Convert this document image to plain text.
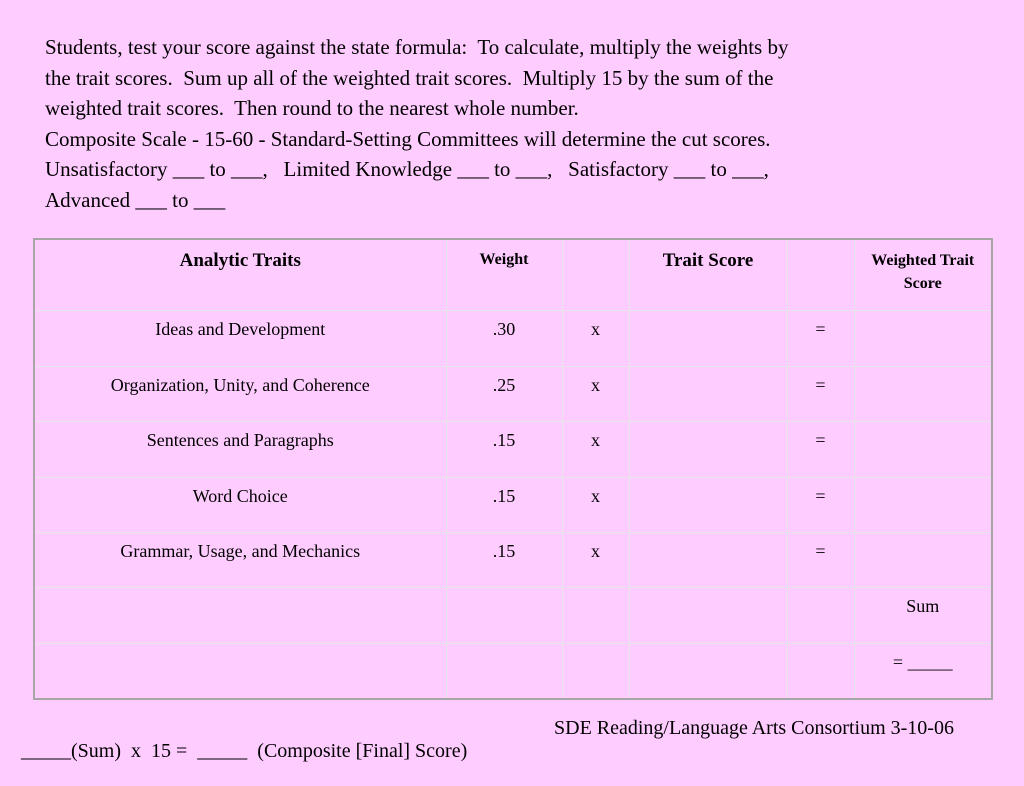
Students, test your score against the state formula:  To calculate, multiply the weights by
the trait scores.  Sum up all of the weighted trait scores.  Multiply 15 by the sum of the
weighted trait scores.  Then round to the nearest whole number.
Composite Scale - 15-60 - Standard-Setting Committees will determine the cut scores.
Unsatisfactory ___ to ___,   Limited Knowledge ___ to ___,   Satisfactory ___ to ___,
Advanced ___ to ___
Analytic Traits	Weight		Trait Score		Weighted Trait Score

Ideas and Development	.30	x		=	

Organization, Unity, and Coherence	.25	x		=	

Sentences and Paragraphs	.15	x		=	

Word Choice	.15	x		=	

Grammar, Usage, and Mechanics	.15	x		=	

					Sum

					= _____

_____(Sum)  x  15 =  _____  (Composite [Final] Score)

SDE Reading/Language Arts Consortium 3-10-06
